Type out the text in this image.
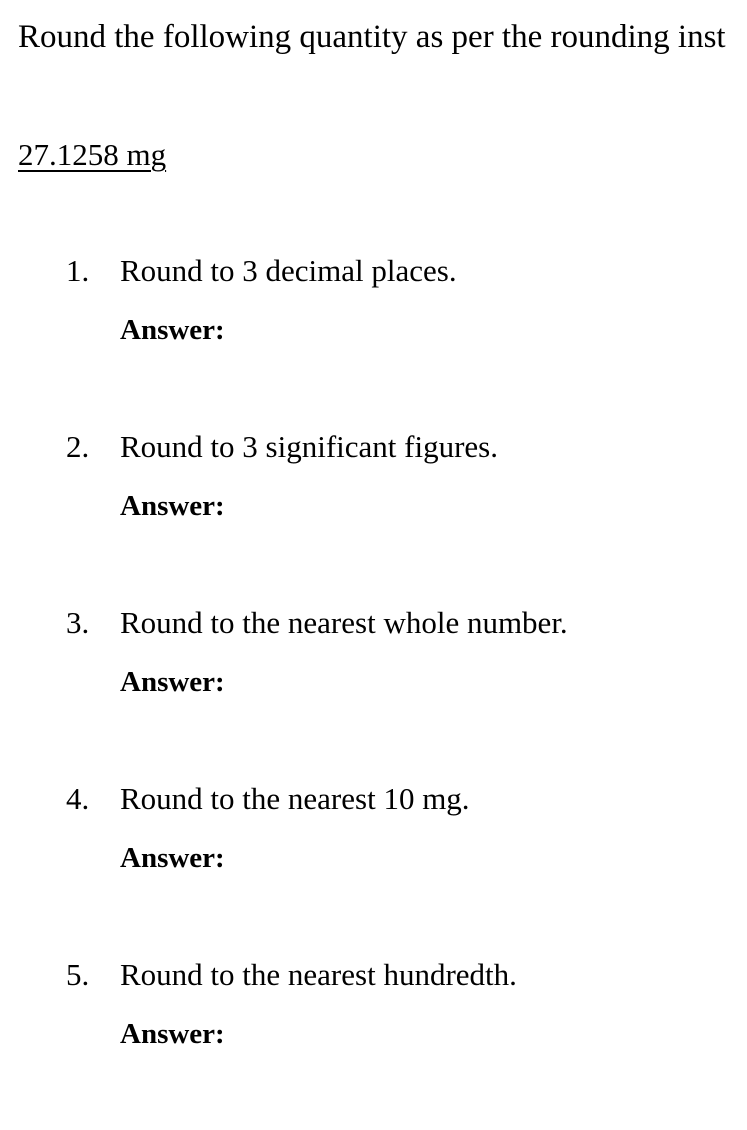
Round the following quantity as per the rounding inst
27.1258 mg
1. Round to 3 decimal places.
Answer:
2. Round to 3 significant figures.
Answer:
3. Round to the nearest whole number.
Answer:
4. Round to the nearest 10 mg.
Answer:
5. Round to the nearest hundredth.
Answer:
